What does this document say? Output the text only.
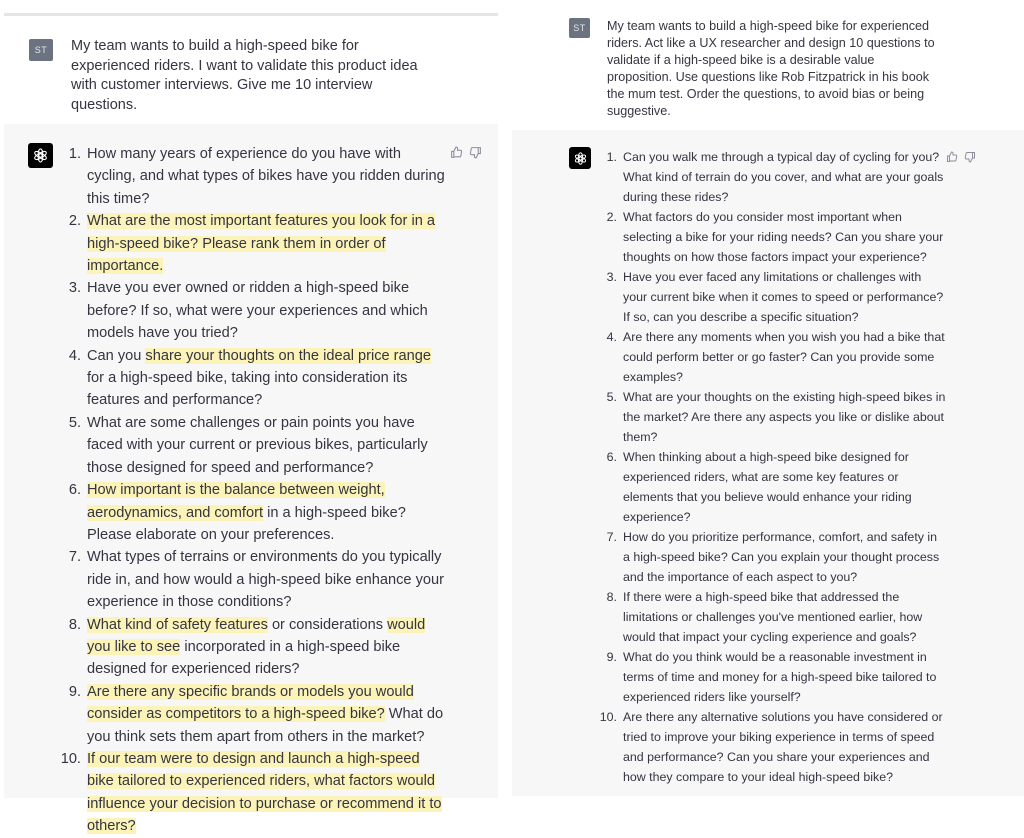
ST	My team wants to build a high-speed bike for experienced riders. I want to validate this product idea with customer interviews. Give me 10 interview questions.

1. How many years of experience do you have with cycling, and what types of bikes have you ridden during this time?
2. What are the most important features you look for in a high-speed bike? Please rank them in order of importance.
3. Have you ever owned or ridden a high-speed bike before? If so, what were your experiences and which models have you tried?
4. Can you share your thoughts on the ideal price range for a high-speed bike, taking into consideration its features and performance?
5. What are some challenges or pain points you have faced with your current or previous bikes, particularly those designed for speed and performance?
6. How important is the balance between weight, aerodynamics, and comfort in a high-speed bike? Please elaborate on your preferences.
7. What types of terrains or environments do you typically ride in, and how would a high-speed bike enhance your experience in those conditions?
8. What kind of safety features or considerations would you like to see incorporated in a high-speed bike designed for experienced riders?
9. Are there any specific brands or models you would consider as competitors to a high-speed bike? What do you think sets them apart from others in the market?
10. If our team were to design and launch a high-speed bike tailored to experienced riders, what factors would influence your decision to purchase or recommend it to others?
ST	My team wants to build a high-speed bike for experienced riders. Act like a UX researcher and design 10 questions to validate if a high-speed bike is a desirable value proposition. Use questions like Rob Fitzpatrick in his book the mum test. Order the questions, to avoid bias or being suggestive.

1. Can you walk me through a typical day of cycling for you? What kind of terrain do you cover, and what are your goals during these rides?
2. What factors do you consider most important when selecting a bike for your riding needs? Can you share your thoughts on how those factors impact your experience?
3. Have you ever faced any limitations or challenges with your current bike when it comes to speed or performance? If so, can you describe a specific situation?
4. Are there any moments when you wish you had a bike that could perform better or go faster? Can you provide some examples?
5. What are your thoughts on the existing high-speed bikes in the market? Are there any aspects you like or dislike about them?
6. When thinking about a high-speed bike designed for experienced riders, what are some key features or elements that you believe would enhance your riding experience?
7. How do you prioritize performance, comfort, and safety in a high-speed bike? Can you explain your thought process and the importance of each aspect to you?
8. If there were a high-speed bike that addressed the limitations or challenges you've mentioned earlier, how would that impact your cycling experience and goals?
9. What do you think would be a reasonable investment in terms of time and money for a high-speed bike tailored to experienced riders like yourself?
10. Are there any alternative solutions you have considered or tried to improve your biking experience in terms of speed and performance? Can you share your experiences and how they compare to your ideal high-speed bike?
